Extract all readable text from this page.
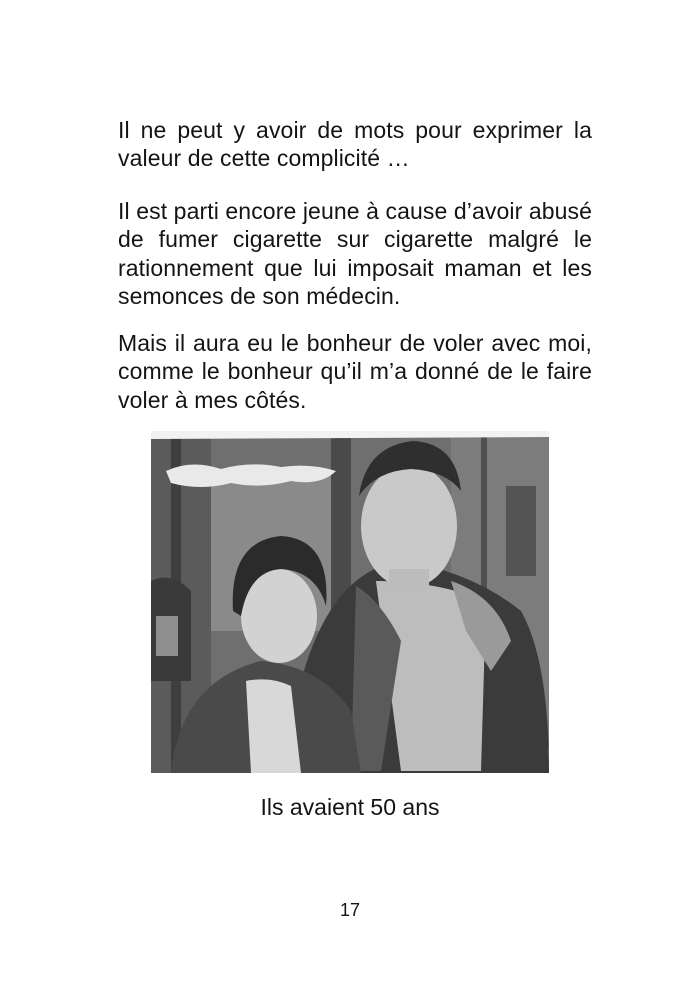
Il ne peut y avoir de mots pour exprimer la valeur de cette complicité …

Il est parti encore jeune à cause d’avoir abusé de fumer cigarette sur cigarette malgré le rationnement que lui imposait maman et les semonces de son médecin.

Mais il aura eu le bonheur de voler avec moi, comme le bonheur qu’il m’a donné de le faire voler à mes côtés.

Ils avaient 50 ans

17
